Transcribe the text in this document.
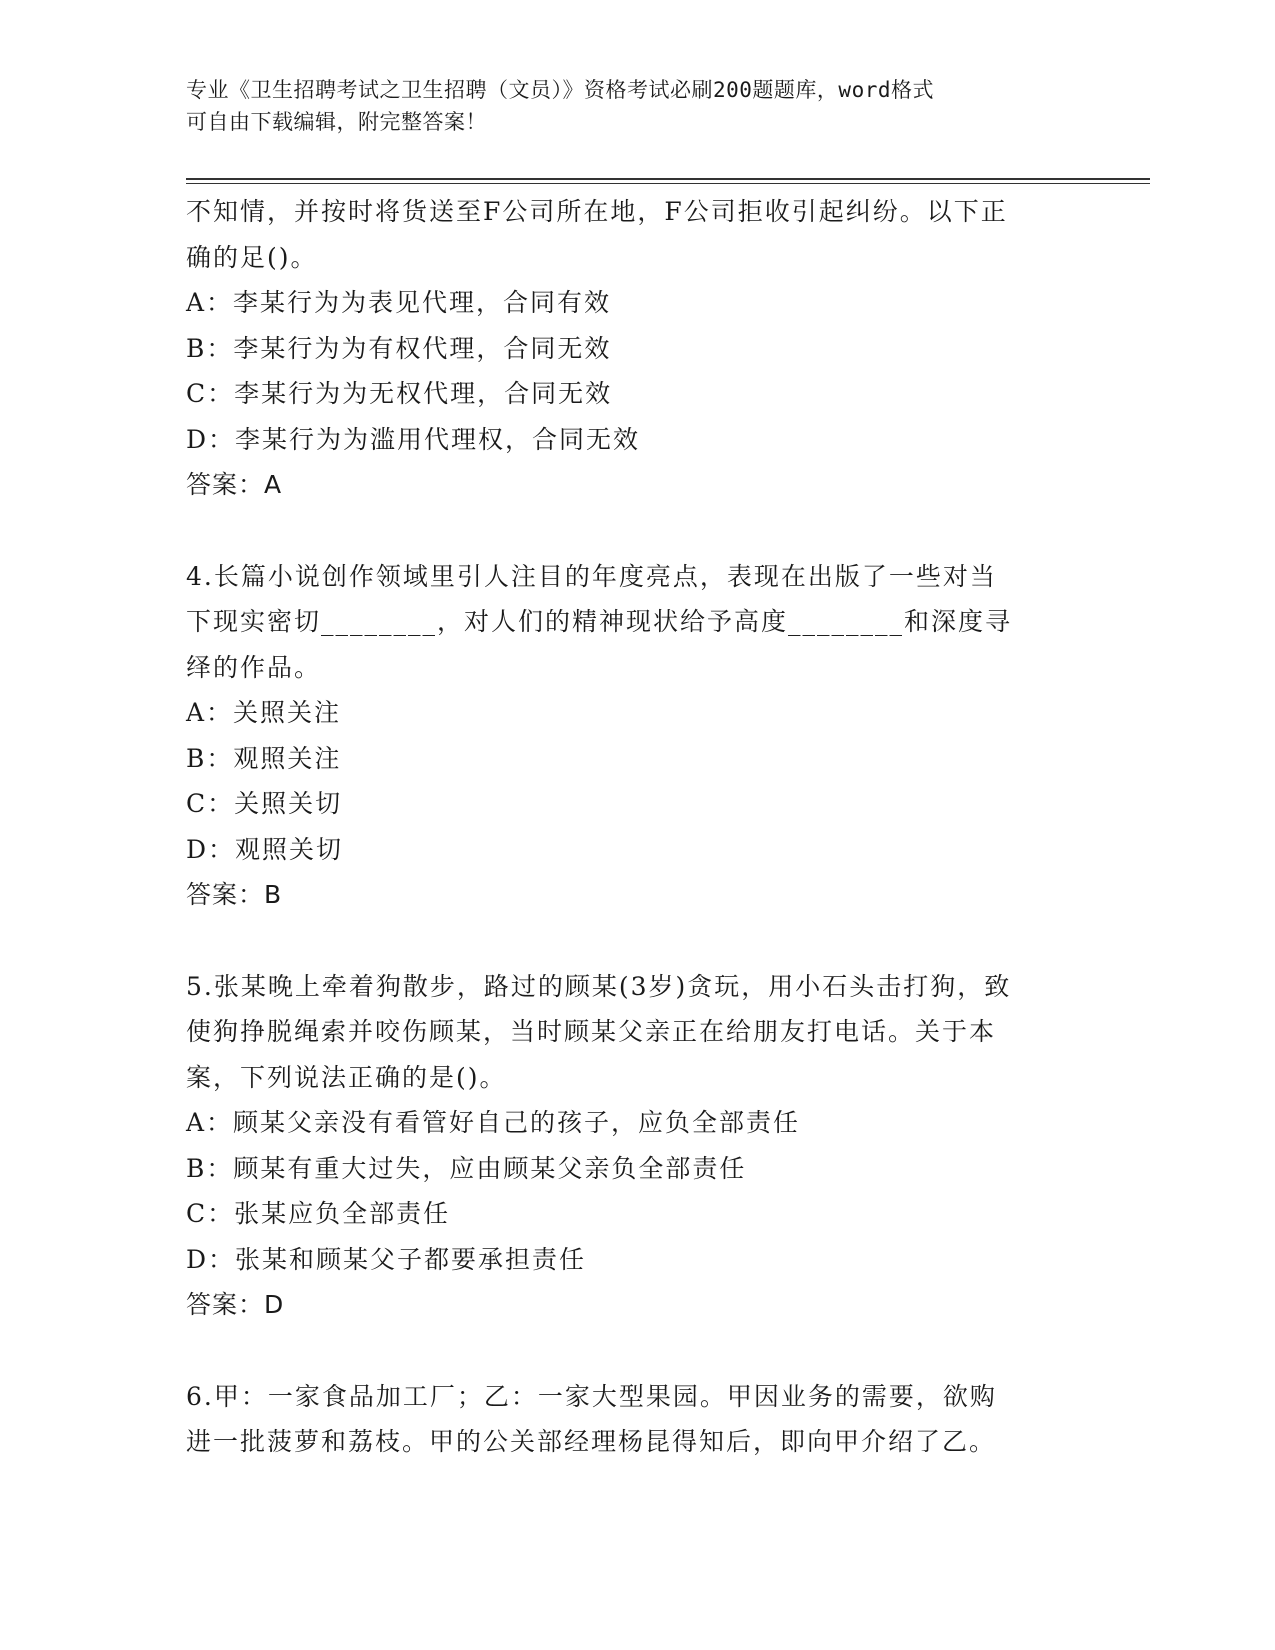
专业《卫生招聘考试之卫生招聘（文员）》资格考试必刷200题题库，word格式
可自由下载编辑，附完整答案！
不知情，并按时将货送至F公司所在地，F公司拒收引起纠纷。以下正
确的足()。
A：李某行为为表见代理，合同有效
B：李某行为为有权代理，合同无效
C：李某行为为无权代理，合同无效
D：李某行为为滥用代理权，合同无效
答案：A
4.长篇小说创作领域里引人注目的年度亮点，表现在出版了一些对当
下现实密切________，对人们的精神现状给予高度________和深度寻
绎的作品。
A：关照关注
B：观照关注
C：关照关切
D：观照关切
答案：B
5.张某晚上牵着狗散步，路过的顾某(3岁)贪玩，用小石头击打狗，致
使狗挣脱绳索并咬伤顾某，当时顾某父亲正在给朋友打电话。关于本
案，下列说法正确的是()。
A：顾某父亲没有看管好自己的孩子，应负全部责任
B：顾某有重大过失，应由顾某父亲负全部责任
C：张某应负全部责任
D：张某和顾某父子都要承担责任
答案：D
6.甲：一家食品加工厂；乙：一家大型果园。甲因业务的需要，欲购
进一批菠萝和荔枝。甲的公关部经理杨昆得知后，即向甲介绍了乙。
